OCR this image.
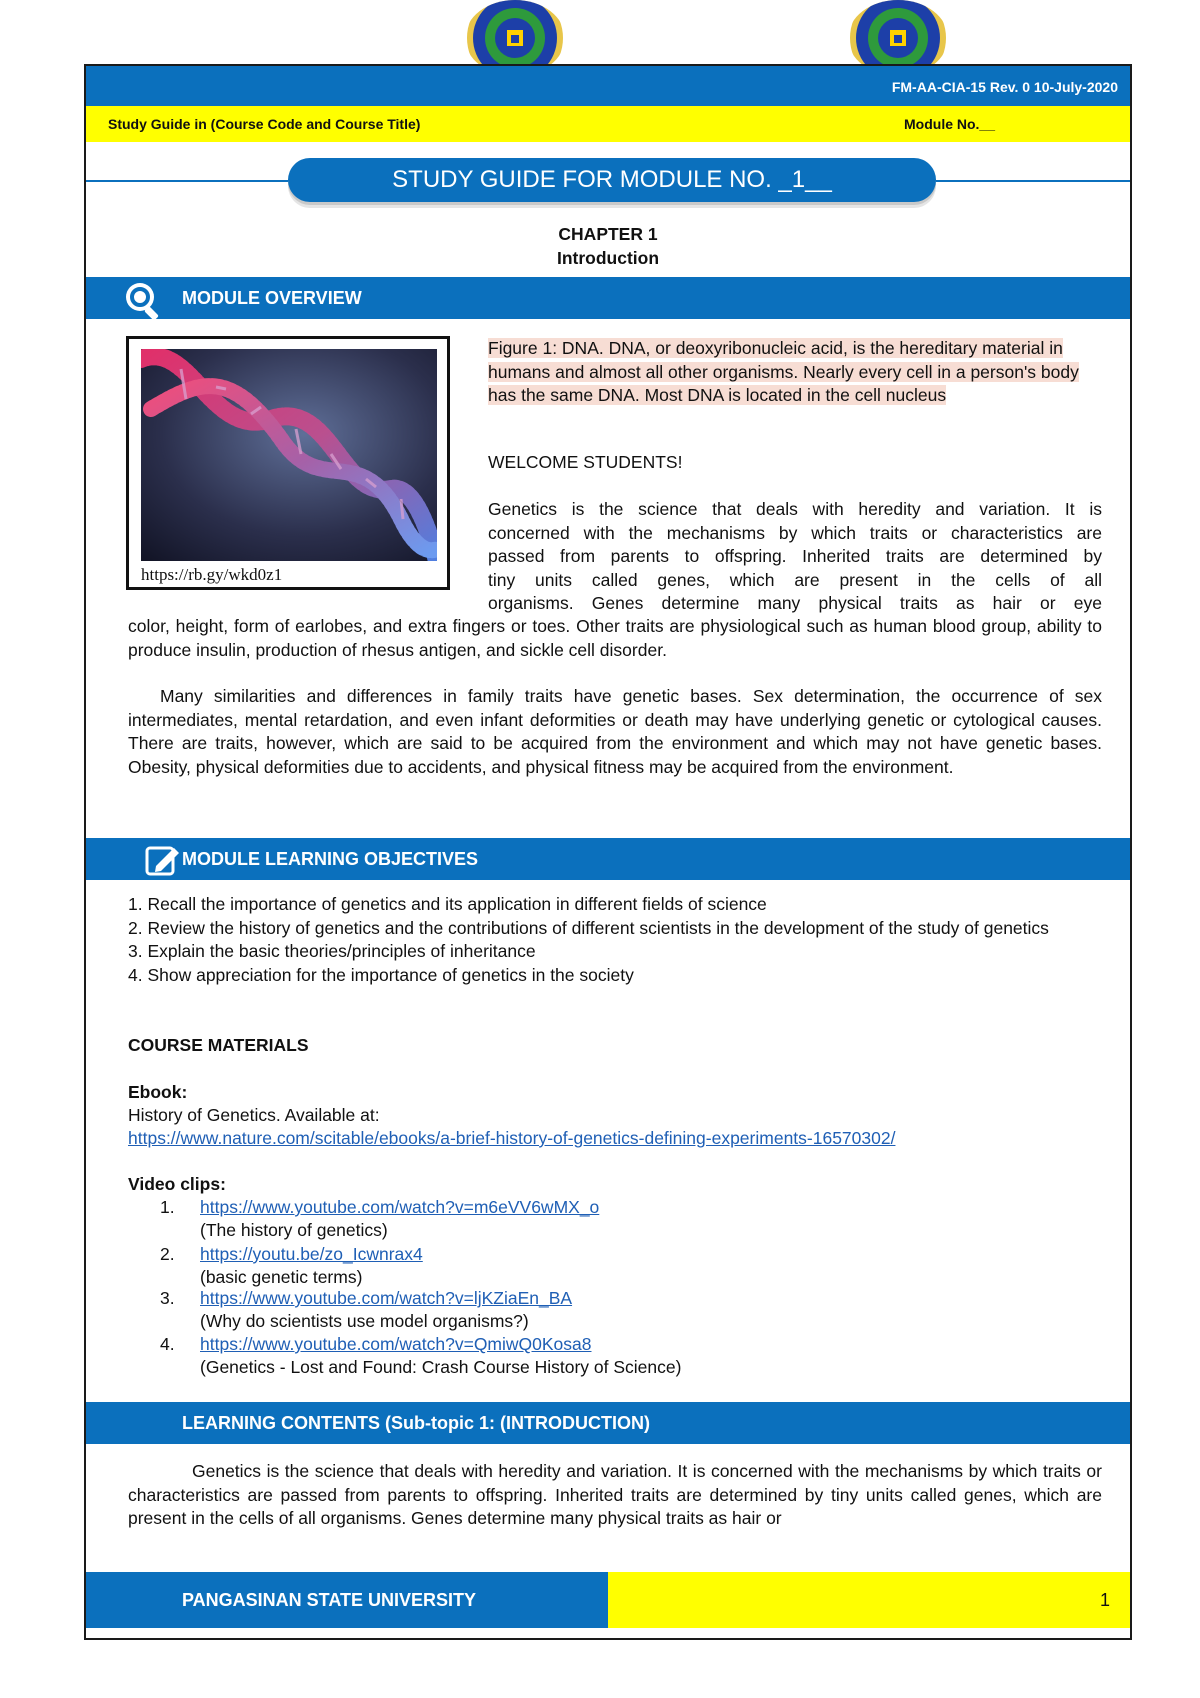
FM-AA-CIA-15 Rev. 0 10-July-2020
Study Guide in (Course Code and Course Title)	Module No.__
STUDY GUIDE FOR MODULE NO. _1__
CHAPTER 1
Introduction
MODULE OVERVIEW
https://rb.gy/wkd0z1
Figure 1: DNA. DNA, or deoxyribonucleic acid, is the hereditary material in humans and almost all other organisms. Nearly every cell in a person's body has the same DNA. Most DNA is located in the cell nucleus
WELCOME STUDENTS!
Genetics is the science that deals with heredity and variation. It is
concerned with the mechanisms by which traits or characteristics are
passed from parents to offspring. Inherited traits are determined by
tiny units called genes, which are present in the cells of all
organisms. Genes determine many physical traits as hair or eye
color, height, form of earlobes, and extra fingers or toes. Other traits are physiological such as human blood group, ability to produce insulin, production of rhesus antigen, and sickle cell disorder.
Many similarities and differences in family traits have genetic bases. Sex determination, the occurrence of sex intermediates, mental retardation, and even infant deformities or death may have underlying genetic or cytological causes. There are traits, however, which are said to be acquired from the environment and which may not have genetic bases. Obesity, physical deformities due to accidents, and physical fitness may be acquired from the environment.
MODULE LEARNING OBJECTIVES
1. Recall the importance of genetics and its application in different fields of science
2. Review the history of genetics and the contributions of different scientists in the development of the study of genetics
3. Explain the basic theories/principles of inheritance
4. Show appreciation for the importance of genetics in the society
COURSE MATERIALS
Ebook:
History of Genetics. Available at:
https://www.nature.com/scitable/ebooks/a-brief-history-of-genetics-defining-experiments-16570302/
Video clips:
1. https://www.youtube.com/watch?v=m6eVV6wMX_o
(The history of genetics)
2. https://youtu.be/zo_Icwnrax4
(basic genetic terms)
3. https://www.youtube.com/watch?v=ljKZiaEn_BA
(Why do scientists use model organisms?)
4. https://www.youtube.com/watch?v=QmiwQ0Kosa8
(Genetics - Lost and Found: Crash Course History of Science)
LEARNING CONTENTS (Sub-topic 1: (INTRODUCTION)
Genetics is the science that deals with heredity and variation. It is concerned with the mechanisms by which traits or characteristics are passed from parents to offspring. Inherited traits are determined by tiny units called genes, which are present in the cells of all organisms. Genes determine many physical traits as hair or
PANGASINAN STATE UNIVERSITY	1
